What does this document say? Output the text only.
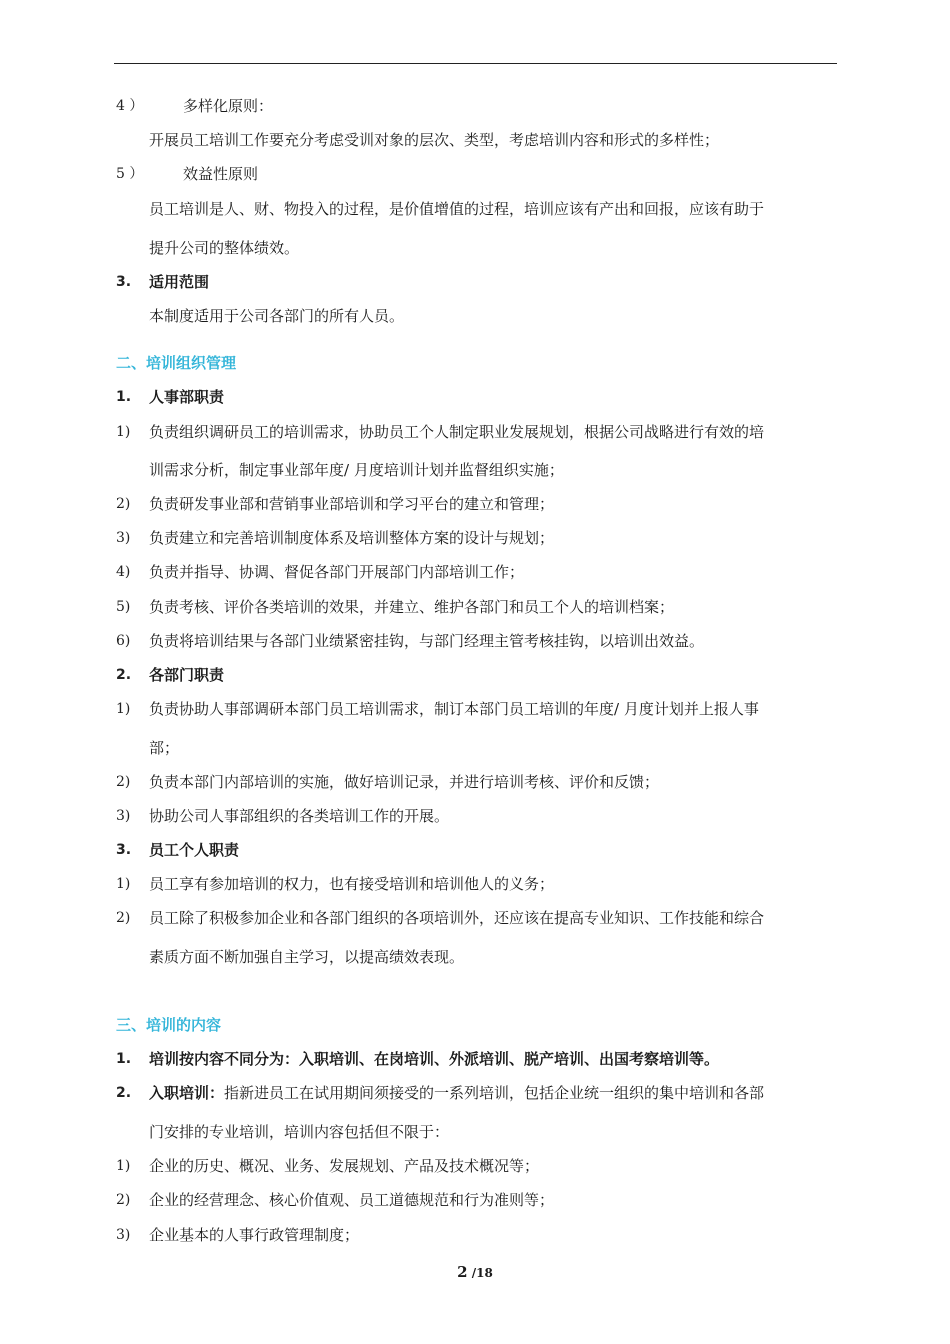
4 ）	多样化原则：
开展员工培训工作要充分考虑受训对象的层次、类型，考虑培训内容和形式的多样性；
5 ）	效益性原则
员工培训是人、财、物投入的过程，是价值增值的过程，培训应该有产出和回报，应该有助于
提升公司的整体绩效。
3. 适用范围
本制度适用于公司各部门的所有人员。
二、培训组织管理
1. 人事部职责
1) 负责组织调研员工的培训需求，协助员工个人制定职业发展规划，根据公司战略进行有效的培
训需求分析，制定事业部年度/ 月度培训计划并监督组织实施；
2) 负责研发事业部和营销事业部培训和学习平台的建立和管理；
3) 负责建立和完善培训制度体系及培训整体方案的设计与规划；
4) 负责并指导、协调、督促各部门开展部门内部培训工作；
5) 负责考核、评价各类培训的效果，并建立、维护各部门和员工个人的培训档案；
6) 负责将培训结果与各部门业绩紧密挂钩，与部门经理主管考核挂钩，以培训出效益。
2. 各部门职责
1) 负责协助人事部调研本部门员工培训需求，制订本部门员工培训的年度/ 月度计划并上报人事
部；
2) 负责本部门内部培训的实施，做好培训记录，并进行培训考核、评价和反馈；
3) 协助公司人事部组织的各类培训工作的开展。
3. 员工个人职责
1) 员工享有参加培训的权力，也有接受培训和培训他人的义务；
2) 员工除了积极参加企业和各部门组织的各项培训外，还应该在提高专业知识、工作技能和综合
素质方面不断加强自主学习，以提高绩效表现。
三、培训的内容
1. 培训按内容不同分为：入职培训、在岗培训、外派培训、脱产培训、出国考察培训等。
2. 入职培训：指新进员工在试用期间须接受的一系列培训，包括企业统一组织的集中培训和各部
门安排的专业培训，培训内容包括但不限于：
1) 企业的历史、概况、业务、发展规划、产品及技术概况等；
2) 企业的经营理念、核心价值观、员工道德规范和行为准则等；
3) 企业基本的人事行政管理制度；
2 /18
